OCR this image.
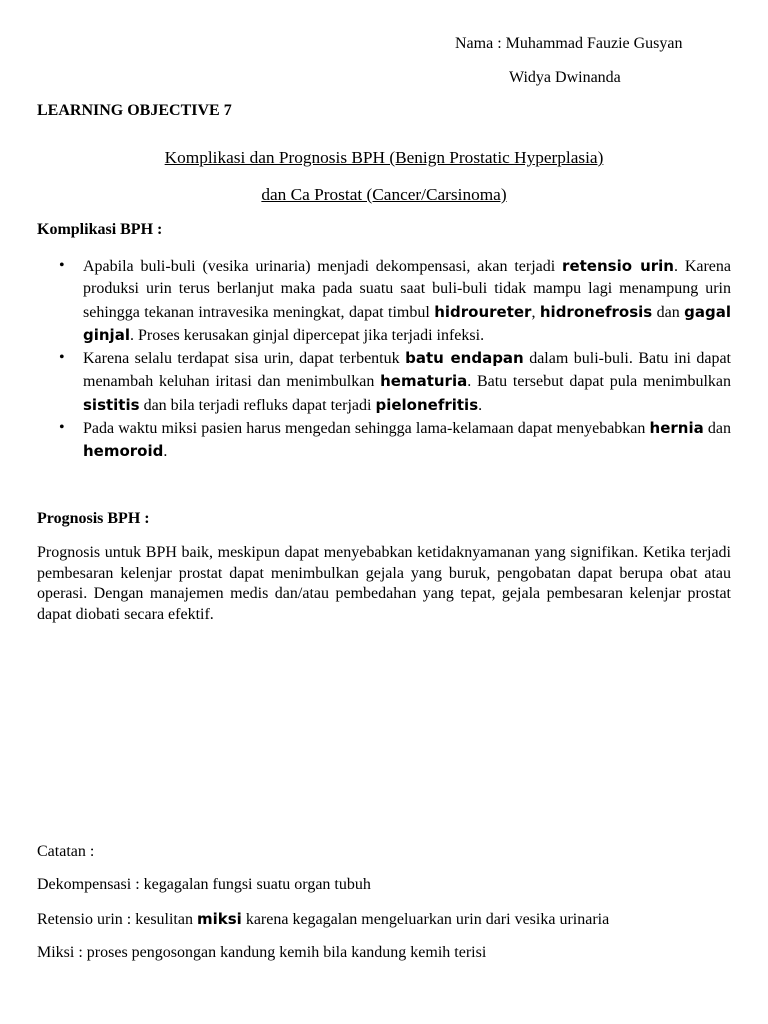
Nama : Muhammad Fauzie Gusyan
Widya Dwinanda
LEARNING OBJECTIVE 7
Komplikasi dan Prognosis BPH (Benign Prostatic Hyperplasia)
dan Ca Prostat (Cancer/Carsinoma)
Komplikasi BPH :
• Apabila buli-buli (vesika urinaria) menjadi dekompensasi, akan terjadi retensio urin. Karena produksi urin terus berlanjut maka pada suatu saat buli-buli tidak mampu lagi menampung urin sehingga tekanan intravesika meningkat, dapat timbul hidroureter, hidronefrosis dan gagal ginjal. Proses kerusakan ginjal dipercepat jika terjadi infeksi.
• Karena selalu terdapat sisa urin, dapat terbentuk batu endapan dalam buli-buli. Batu ini dapat menambah keluhan iritasi dan menimbulkan hematuria. Batu tersebut dapat pula menimbulkan sistitis dan bila terjadi refluks dapat terjadi pielonefritis.
• Pada waktu miksi pasien harus mengedan sehingga lama-kelamaan dapat menyebabkan hernia dan hemoroid.
Prognosis BPH :

Prognosis untuk BPH baik, meskipun dapat menyebabkan ketidaknyamanan yang signifikan. Ketika terjadi pembesaran kelenjar prostat dapat menimbulkan gejala yang buruk, pengobatan dapat berupa obat atau operasi. Dengan manajemen medis dan/atau pembedahan yang tepat, gejala pembesaran kelenjar prostat dapat diobati secara efektif.

Catatan :
Dekompensasi : kegagalan fungsi suatu organ tubuh
Retensio urin : kesulitan miksi karena kegagalan mengeluarkan urin dari vesika urinaria
Miksi : proses pengosongan kandung kemih bila kandung kemih terisi
